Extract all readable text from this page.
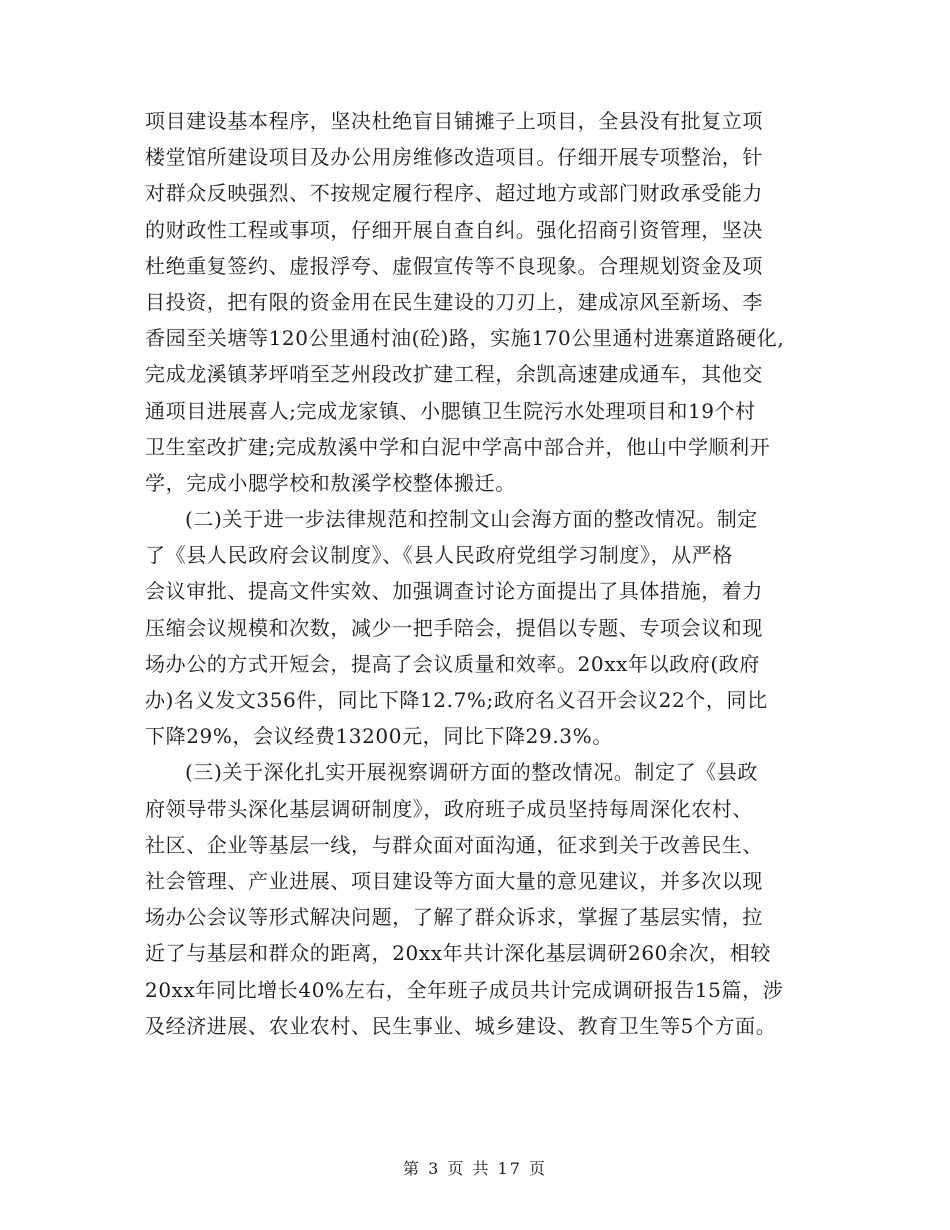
项目建设基本程序，坚决杜绝盲目铺摊子上项目，全县没有批复立项
楼堂馆所建设项目及办公用房维修改造项目。仔细开展专项整治，针
对群众反映强烈、不按规定履行程序、超过地方或部门财政承受能力
的财政性工程或事项，仔细开展自查自纠。强化招商引资管理，坚决
杜绝重复签约、虚报浮夸、虚假宣传等不良现象。合理规划资金及项
目投资，把有限的资金用在民生建设的刀刃上，建成凉风至新场、李
香园至关塘等120公里通村油(砼)路，实施170公里通村进寨道路硬化,
完成龙溪镇茅坪哨至芝州段改扩建工程，余凯高速建成通车，其他交
通项目进展喜人;完成龙家镇、小腮镇卫生院污水处理项目和19个村
卫生室改扩建;完成敖溪中学和白泥中学高中部合并，他山中学顺利开
学，完成小腮学校和敖溪学校整体搬迁。
(二)关于进一步法律规范和控制文山会海方面的整改情况。制定
了《县人民政府会议制度》、《县人民政府党组学习制度》，从严格
会议审批、提高文件实效、加强调查讨论方面提出了具体措施，着力
压缩会议规模和次数，减少一把手陪会，提倡以专题、专项会议和现
场办公的方式开短会，提高了会议质量和效率。20xx年以政府(政府
办)名义发文356件，同比下降12.7%;政府名义召开会议22个，同比
下降29%，会议经费13200元，同比下降29.3%。
(三)关于深化扎实开展视察调研方面的整改情况。制定了《县政
府领导带头深化基层调研制度》，政府班子成员坚持每周深化农村、
社区、企业等基层一线，与群众面对面沟通，征求到关于改善民生、
社会管理、产业进展、项目建设等方面大量的意见建议，并多次以现
场办公会议等形式解决问题，了解了群众诉求，掌握了基层实情，拉
近了与基层和群众的距离，20xx年共计深化基层调研260余次，相较
20xx年同比增长40%左右，全年班子成员共计完成调研报告15篇，涉
及经济进展、农业农村、民生事业、城乡建设、教育卫生等5个方面。
第 3 页 共 17 页
